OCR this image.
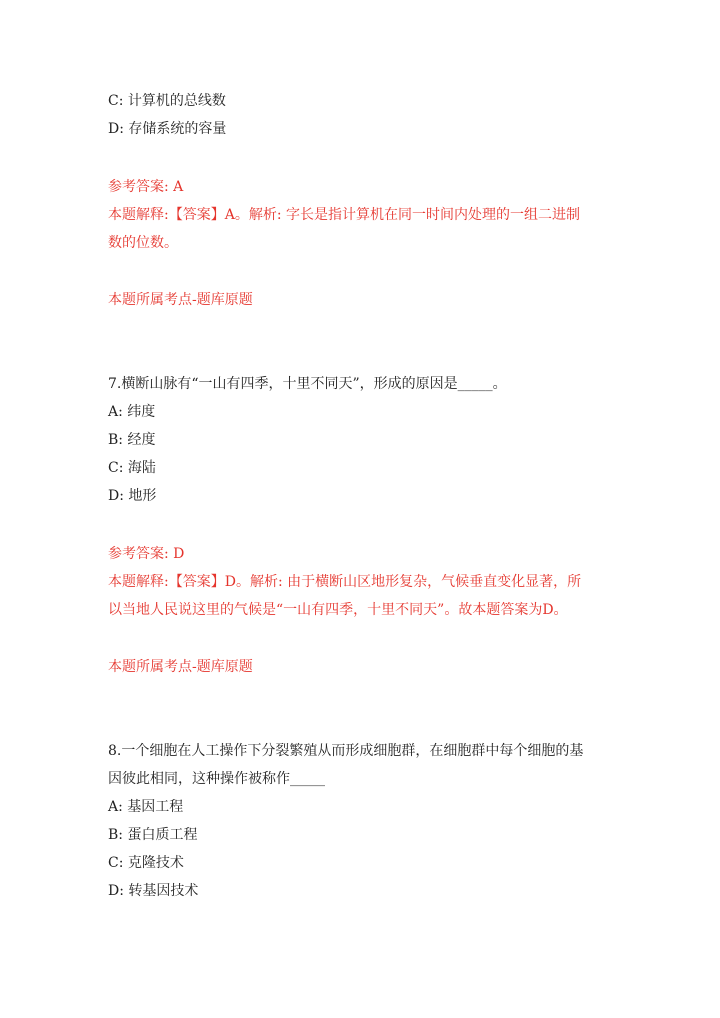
C: 计算机的总线数
D: 存储系统的容量
参考答案: A
本题解释:【答案】A。解析: 字长是指计算机在同一时间内处理的一组二进制
数的位数。
本题所属考点-题库原题
7.横断山脉有“一山有四季，十里不同天”，形成的原因是_____。
A: 纬度
B: 经度
C: 海陆
D: 地形
参考答案: D
本题解释:【答案】D。解析: 由于横断山区地形复杂，气候垂直变化显著，所
以当地人民说这里的气候是“一山有四季，十里不同天”。故本题答案为D。
本题所属考点-题库原题
8.一个细胞在人工操作下分裂繁殖从而形成细胞群，在细胞群中每个细胞的基
因彼此相同，这种操作被称作_____
A: 基因工程
B: 蛋白质工程
C: 克隆技术
D: 转基因技术
